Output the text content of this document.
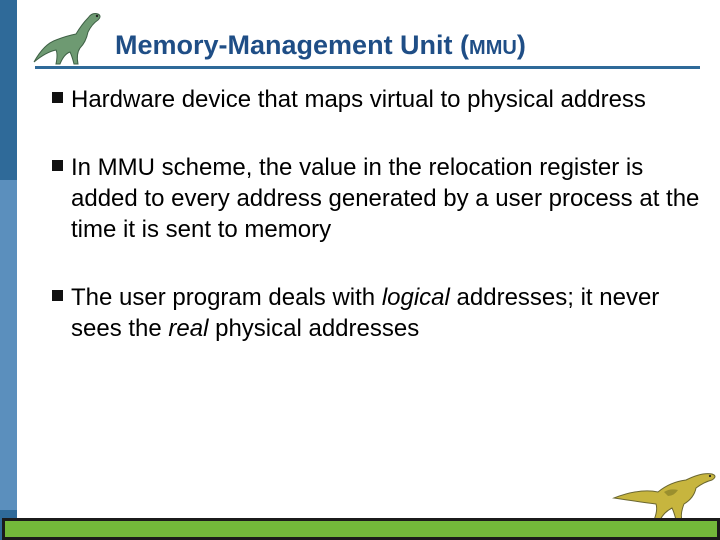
Memory-Management Unit (MMU)
Hardware device that maps virtual to physical address
In MMU scheme, the value in the relocation register is added to every address generated by a user process at the time it is sent to memory
The user program deals with logical addresses; it never sees the real physical addresses
